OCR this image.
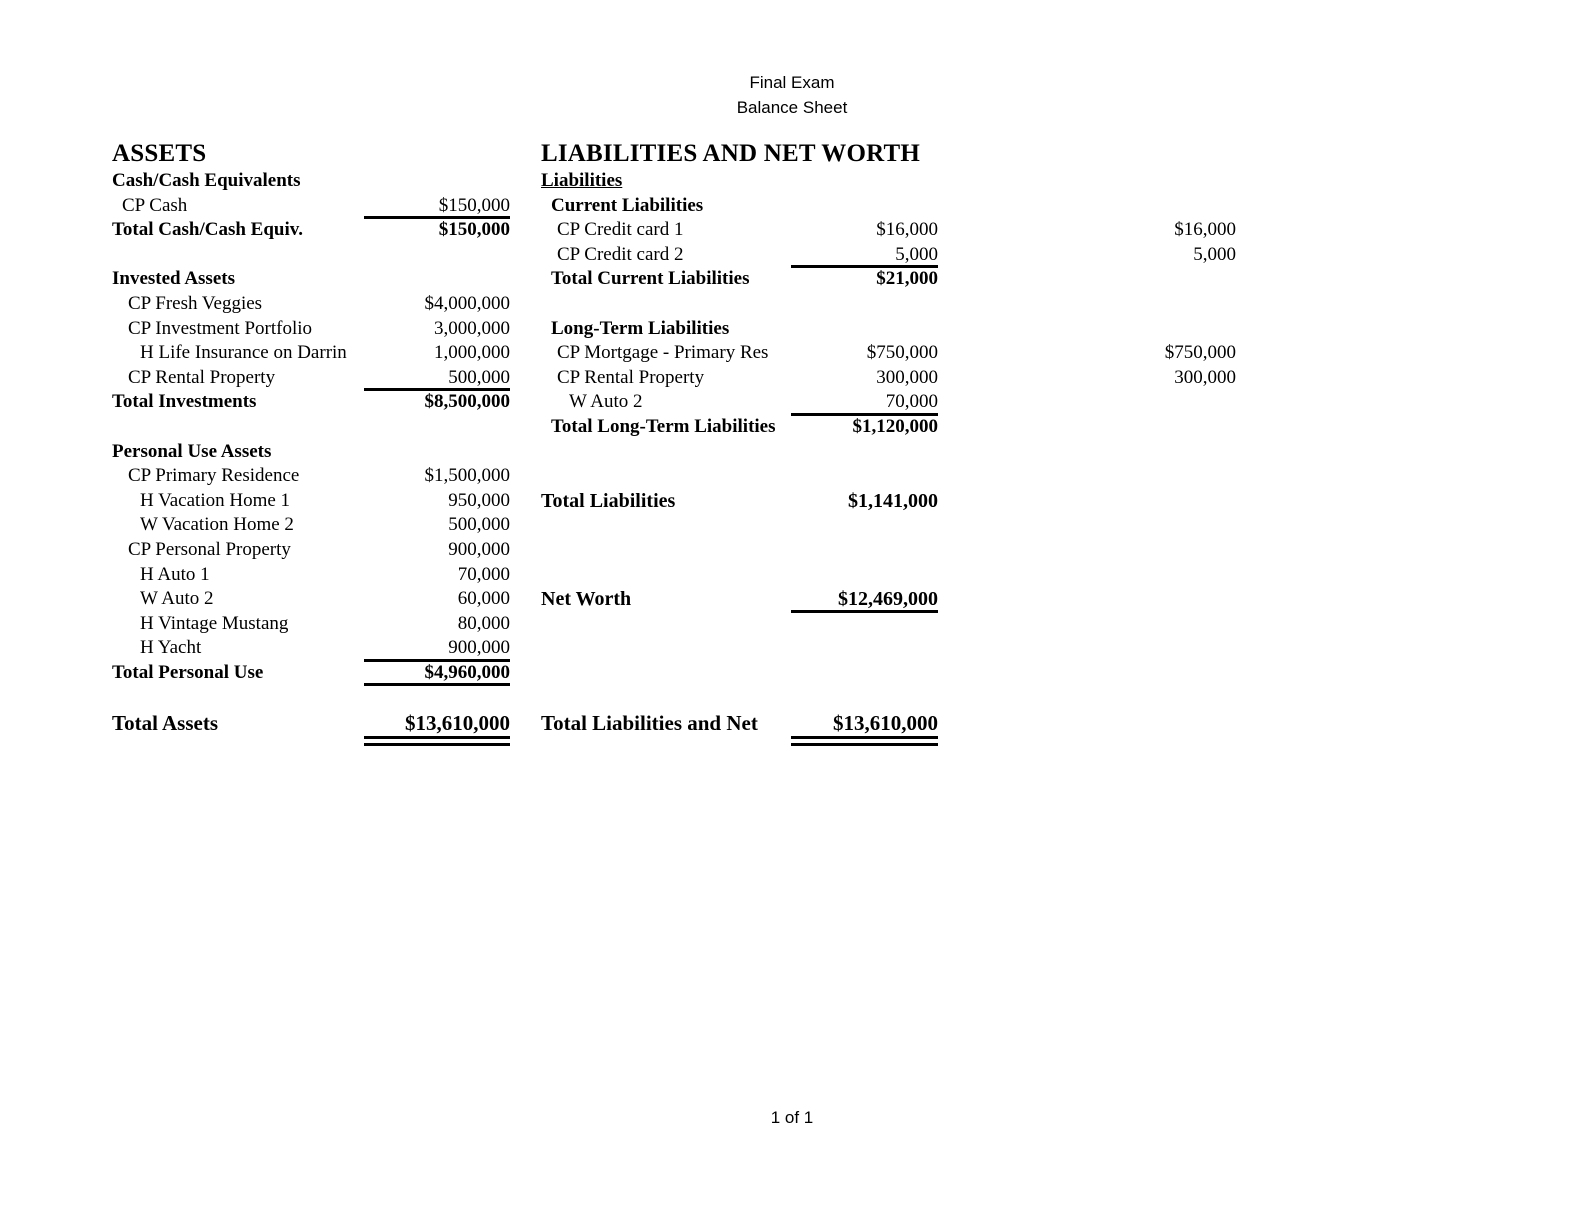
Final Exam
Balance Sheet
ASSETS
Cash/Cash Equivalents
CP Cash	$150,000
Total Cash/Cash Equiv.	$150,000
Invested Assets
CP Fresh Veggies	$4,000,000
CP Investment Portfolio	3,000,000
H Life Insurance on Darrin	1,000,000
CP Rental Property	500,000
Total Investments	$8,500,000
Personal Use Assets
CP Primary Residence	$1,500,000
H Vacation Home 1	950,000
W Vacation Home 2	500,000
CP Personal Property	900,000
H Auto 1	70,000
W Auto 2	60,000
H Vintage Mustang	80,000
H Yacht	900,000
Total Personal Use	$4,960,000
Total Assets	$13,610,000
LIABILITIES AND NET WORTH
Liabilities
Current Liabilities
CP Credit card 1	$16,000	$16,000
CP Credit card 2	5,000	5,000
Total Current Liabilities	$21,000
Long-Term Liabilities
CP Mortgage - Primary Res	$750,000	$750,000
CP Rental Property	300,000	300,000
W Auto 2	70,000
Total Long-Term Liabilities	$1,120,000
Total Liabilities	$1,141,000
Net Worth	$12,469,000
Total Liabilities and Net	$13,610,000
1 of 1
